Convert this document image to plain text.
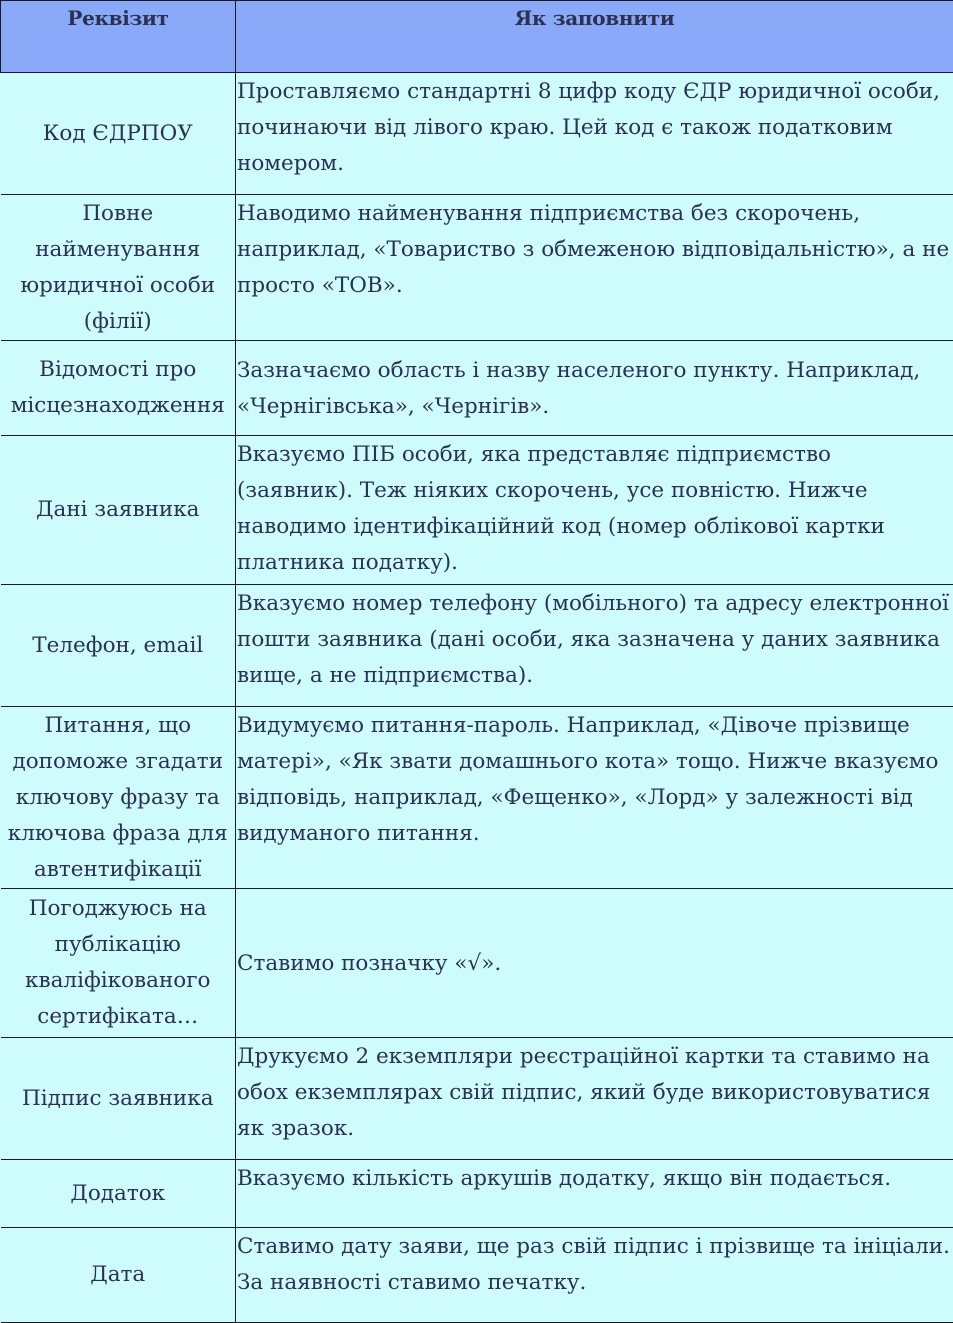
Реквізит	Як заповнити
Код ЄДРПОУ	Проставляємо стандартні 8 цифр коду ЄДР юридичної особи, починаючи від лівого краю. Цей код є також податковим номером.
Повне найменування юридичної особи (філії)	Наводимо найменування підприємства без скорочень, наприклад, «Товариство з обмеженою відповідальністю», а не просто «ТОВ».
Відомості про місцезнаходження	Зазначаємо область і назву населеного пункту. Наприклад, «Чернігівська», «Чернігів».
Дані заявника	Вказуємо ПІБ особи, яка представляє підприємство (заявник). Теж ніяких скорочень, усе повністю. Нижче наводимо ідентифікаційний код (номер облікової картки платника податку).
Телефон, email	Вказуємо номер телефону (мобільного) та адресу електронної пошти заявника (дані особи, яка зазначена у даних заявника вище, а не підприємства).
Питання, що допоможе згадати ключову фразу та ключова фраза для автентифікації	Видумуємо питання-пароль. Наприклад, «Дівоче прізвище матері», «Як звати домашнього кота» тощо. Нижче вказуємо відповідь, наприклад, «Фещенко», «Лорд» у залежності від видуманого питання.
Погоджуюсь на публікацію кваліфікованого сертифіката…	Ставимо позначку «√».
Підпис заявника	Друкуємо 2 екземпляри реєстраційної картки та ставимо на обох екземплярах свій підпис, який буде використовуватися як зразок.
Додаток	Вказуємо кількість аркушів додатку, якщо він подається.
Дата	Ставимо дату заяви, ще раз свій підпис і прізвище та ініціали. За наявності ставимо печатку.
